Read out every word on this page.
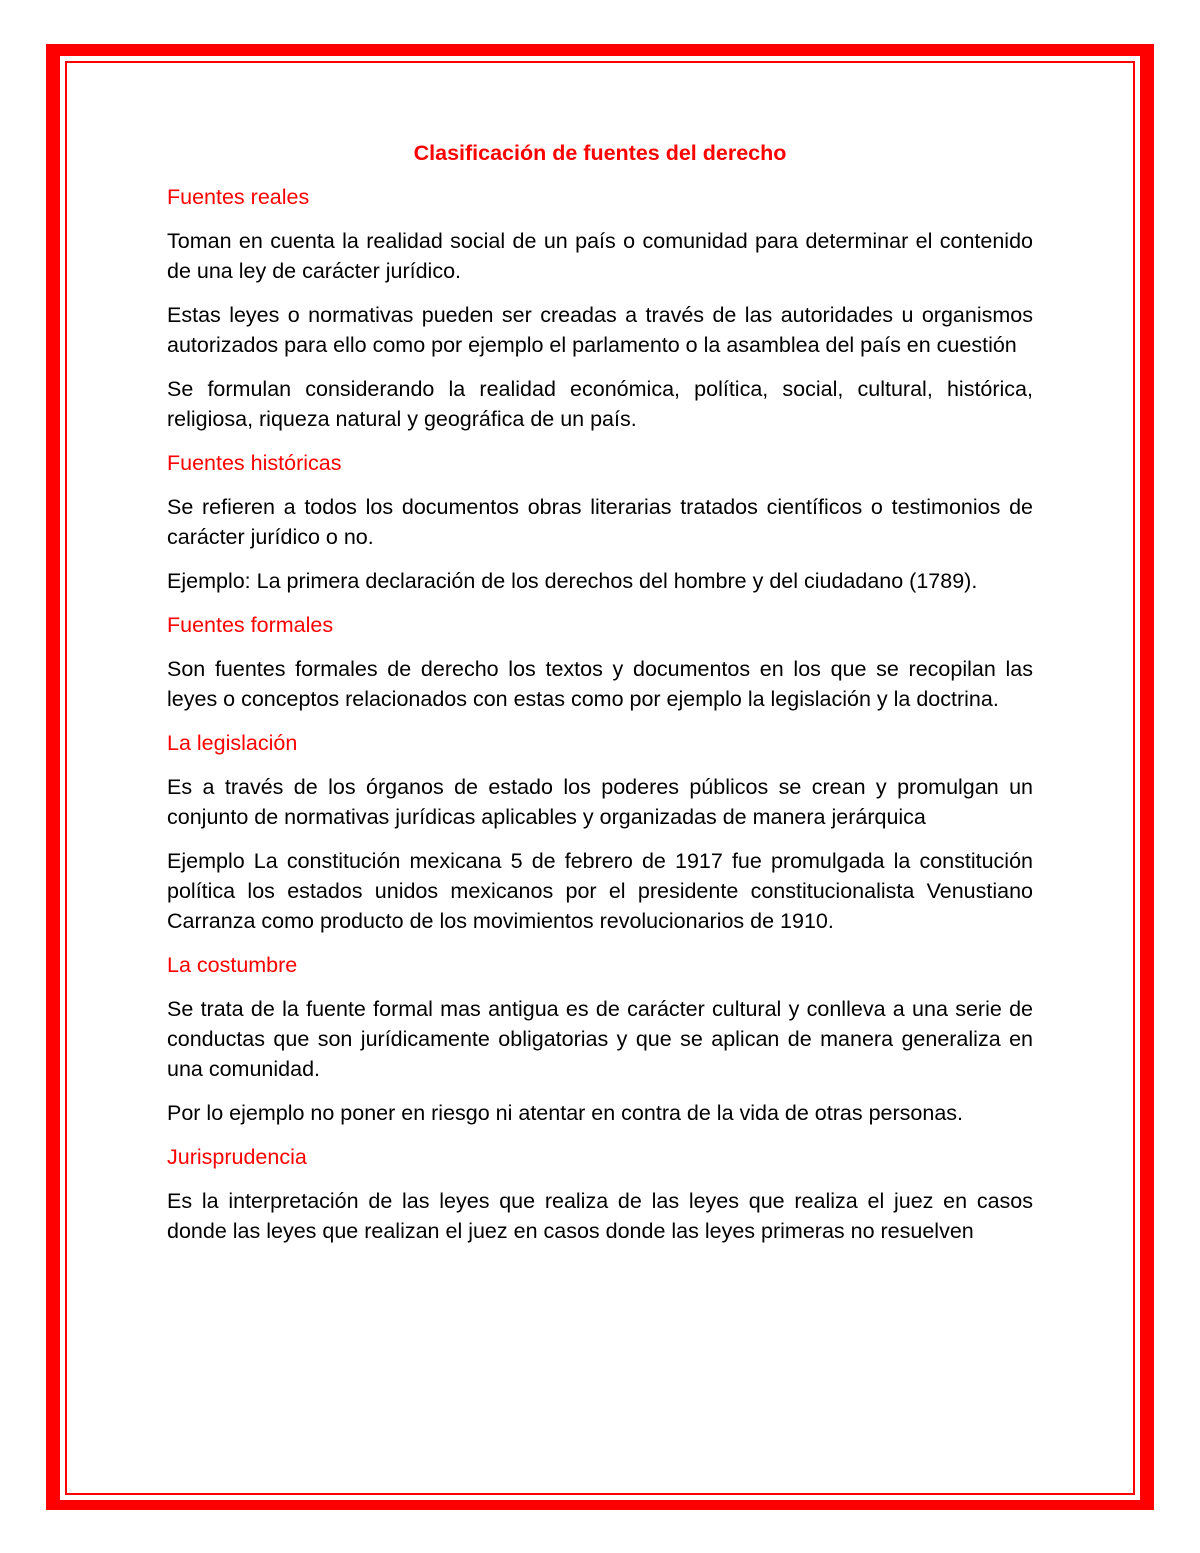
Clasificación de fuentes del derecho
Fuentes reales

Toman en cuenta la realidad social de un país o comunidad para determinar el contenido de una ley de carácter jurídico.

Estas leyes o normativas pueden ser creadas a través de las autoridades u organismos autorizados para ello como por ejemplo el parlamento o la asamblea del país en cuestión

Se formulan considerando la realidad económica, política, social, cultural, histórica, religiosa, riqueza natural y geográfica de un país.

Fuentes históricas

Se refieren a todos los documentos obras literarias tratados científicos o testimonios de carácter jurídico o no.

Ejemplo: La primera declaración de los derechos del hombre y del ciudadano (1789).

Fuentes formales

Son fuentes formales de derecho los textos y documentos en los que se recopilan las leyes o conceptos relacionados con estas como por ejemplo la legislación y la doctrina.

La legislación

Es a través de los órganos de estado los poderes públicos se crean y promulgan un conjunto de normativas jurídicas aplicables y organizadas de manera jerárquica

Ejemplo La constitución mexicana 5 de febrero de 1917 fue promulgada la constitución política los estados unidos mexicanos por el presidente constitucionalista Venustiano Carranza como producto de los movimientos revolucionarios de 1910.

La costumbre

Se trata de la fuente formal mas antigua es de carácter cultural y conlleva a una serie de conductas que son jurídicamente obligatorias y que se aplican de manera generaliza en una comunidad.

Por lo ejemplo no poner en riesgo ni atentar en contra de la vida de otras personas.

Jurisprudencia

Es la interpretación de las leyes que realiza de las leyes que realiza el juez en casos donde las leyes que realizan el juez en casos donde las leyes primeras no resuelven
